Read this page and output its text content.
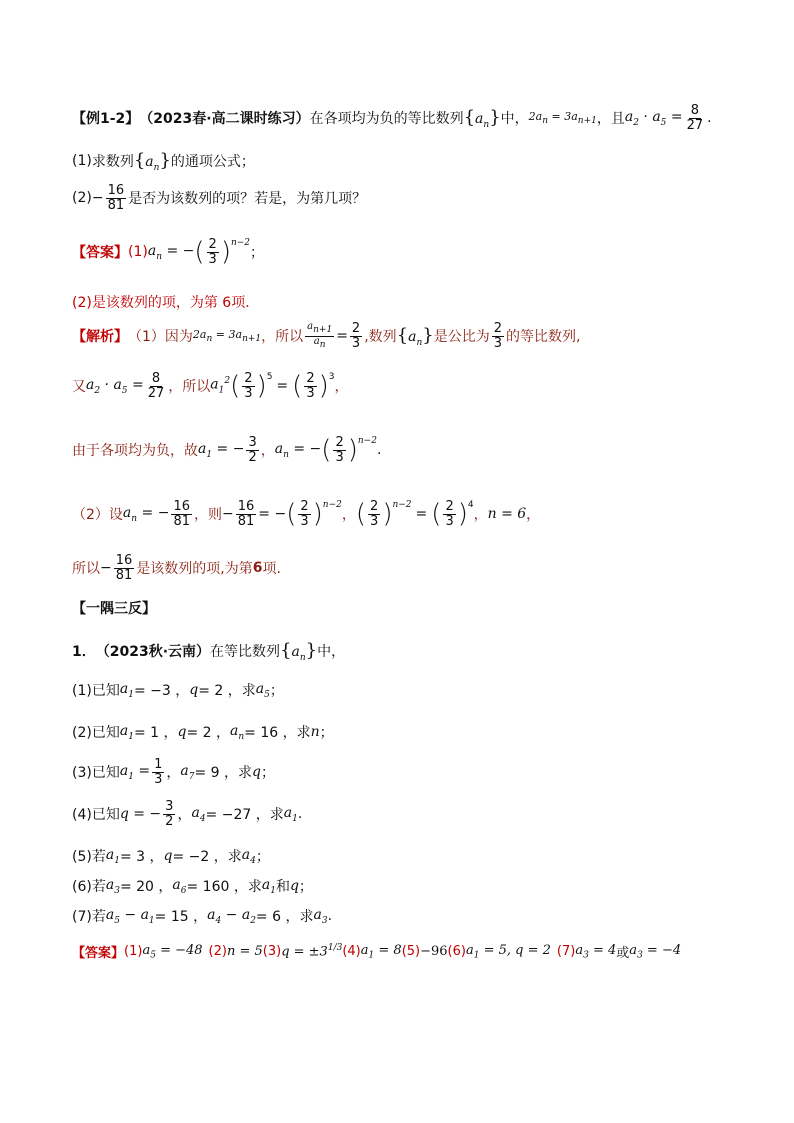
【例1-2】 （2023春·高二课时练习） 在各项均为负的等比数列 $\{a_n\}$ 中， $2a_n = 3a_{n+1}$ ，且 $a_2 \cdot a_5 = \frac{8}{27}$ .
(1) 求数列 $\{a_n\}$ 的通项公式；
$(2) - \frac{16}{81}$ 是否为该数列的项？若是，为第几项？
【答案】 (1) $a_n$ = − ( $\frac{2}{3} )^{n-2}$
；
(2)是该数列的项，为第 6项.
【解析】 （1）因为 $2a_n = 3a_{n+1}$ ，所以 $\frac{a_{n+1}}{a_n} = \frac{2}{3}$ ,数列 $\{a_n\}$ 是公比为 $\frac{2}{3}$ 的等比数列,
又 $a_2 \cdot a_5 = \frac{8}{27}$ ，所以 $a_1^2$ ( $\frac{2}{3} )^5$
= ( $\frac{2}{3} )^3$
，
由于各项均为负，故 $a_1$ = − $\frac{3}{2}$ ， $a_n$ = − ( $\frac{2}{3} )^{n-2}$
.
（2）设 $a_n$ = − $\frac{16}{81}$ ，则 − $\frac{16}{81}$ = − ( $\frac{2}{3} )^{n-2}$
， ( $\frac{2}{3} )^{n-2}$
= ( $\frac{2}{3} )^4$
， n = 6 ，
所以 − $\frac{16}{81}$ 是该数列的项,为第 6 项.
【一隅三反】
1． （2023秋·云南） 在等比数列 $\{a_n\}$ 中，
(1)已知 $a_1 = -3$ ， q = 2 ，求 $a_5$ ；
(2)已知 $a_1 = 1$ ， q = 2 ， $a_n = 16$ ，求 n ；
(3)已知 $a_1 = \frac{1}{3}$ ， $a_7 = 9$ ，求 q ；
(4)已知 q = − $\frac{3}{2}$ ， $a_4 = -27$ ，求 $a_1$ .
(5)若 $a_1 = 3$ ， q = −2 ，求 $a_4$ ；
(6)若 $a_3 = 20$ ， $a_6 = 160$ ，求 $a_1$ 和 q ；
(7)若 $a_5 - a_1 = 15$ ， $a_4 - a_2 = 6$ ，求 $a_3$ .
【答案】 (1) $a_5 = -48$ (2) n = 5 (3) $q = \pm 3^{1/3}$ (4) $a_1 = 8$ (5) −96 (6) $a_1 = 5$, q = 2 (7) $a_3 = 4$ 或 $a_3 = -4$
